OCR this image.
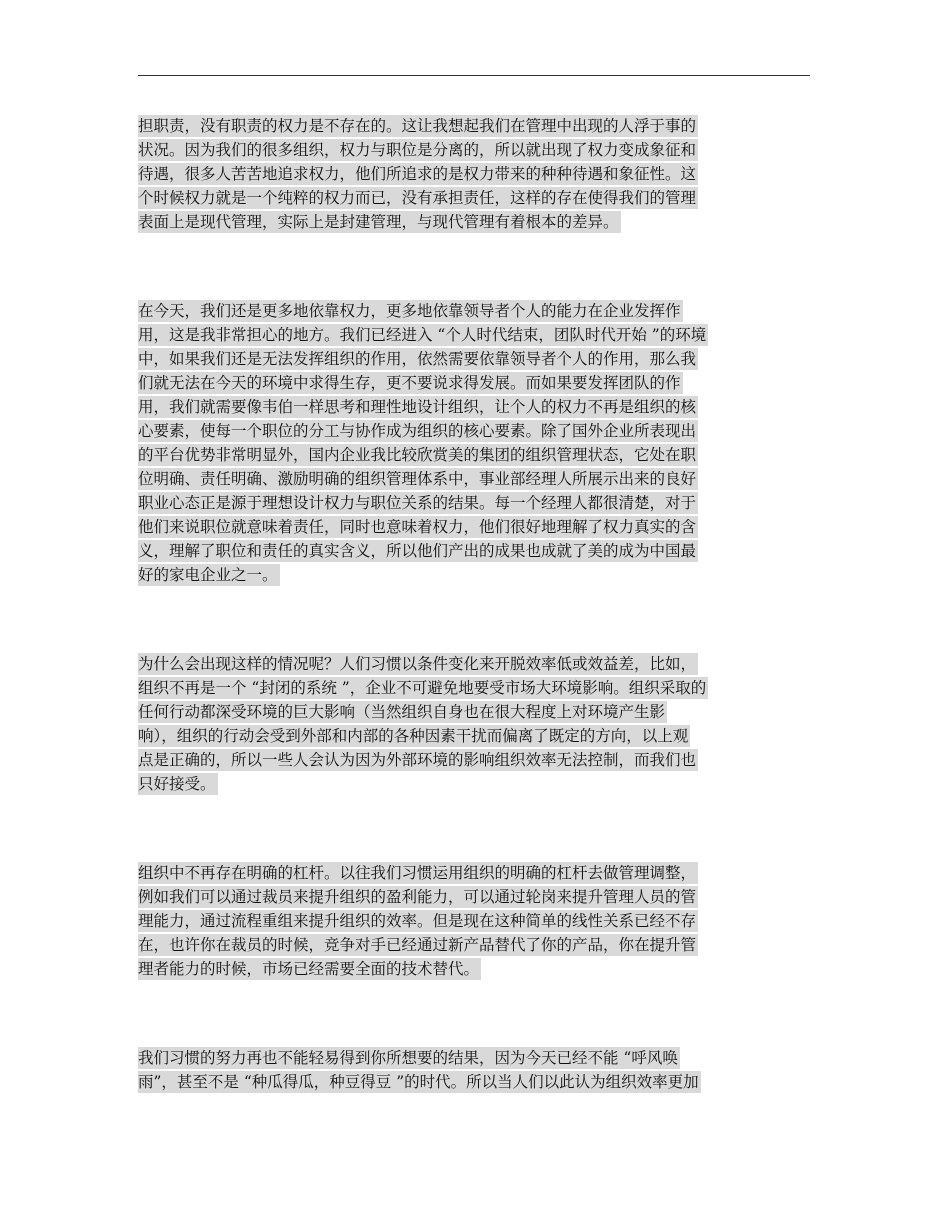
担职责，没有职责的权力是不存在的。这让我想起我们在管理中出现的人浮于事的
状况。因为我们的很多组织，权力与职位是分离的，所以就出现了权力变成象征和
待遇，很多人苦苦地追求权力，他们所追求的是权力带来的种种待遇和象征性。这
个时候权力就是一个纯粹的权力而已，没有承担责任，这样的存在使得我们的管理
表面上是现代管理，实际上是封建管理，与现代管理有着根本的差异。
在今天，我们还是更多地依靠权力，更多地依靠领导者个人的能力在企业发挥作
用，这是我非常担心的地方。我们已经进入 “个人时代结束，团队时代开始 ”的环境
中，如果我们还是无法发挥组织的作用，依然需要依靠领导者个人的作用，那么我
们就无法在今天的环境中求得生存，更不要说求得发展。而如果要发挥团队的作
用，我们就需要像韦伯一样思考和理性地设计组织，让个人的权力不再是组织的核
心要素，使每一个职位的分工与协作成为组织的核心要素。除了国外企业所表现出
的平台优势非常明显外，国内企业我比较欣赏美的集团的组织管理状态，它处在职
位明确、责任明确、激励明确的组织管理体系中，事业部经理人所展示出来的良好
职业心态正是源于理想设计权力与职位关系的结果。每一个经理人都很清楚，对于
他们来说职位就意味着责任，同时也意味着权力，他们很好地理解了权力真实的含
义，理解了职位和责任的真实含义，所以他们产出的成果也成就了美的成为中国最
好的家电企业之一。
为什么会出现这样的情况呢？人们习惯以条件变化来开脱效率低或效益差，比如，
组织不再是一个 “封闭的系统 ”，企业不可避免地要受市场大环境影响。组织采取的
任何行动都深受环境的巨大影响（当然组织自身也在很大程度上对环境产生影
响），组织的行动会受到外部和内部的各种因素干扰而偏离了既定的方向，以上观
点是正确的，所以一些人会认为因为外部环境的影响组织效率无法控制，而我们也
只好接受。
组织中不再存在明确的杠杆。以往我们习惯运用组织的明确的杠杆去做管理调整，
例如我们可以通过裁员来提升组织的盈利能力，可以通过轮岗来提升管理人员的管
理能力，通过流程重组来提升组织的效率。但是现在这种简单的线性关系已经不存
在，也许你在裁员的时候，竞争对手已经通过新产品替代了你的产品，你在提升管
理者能力的时候，市场已经需要全面的技术替代。
我们习惯的努力再也不能轻易得到你所想要的结果，因为今天已经不能 “呼风唤
雨”，甚至不是 “种瓜得瓜，种豆得豆 ”的时代。所以当人们以此认为组织效率更加
